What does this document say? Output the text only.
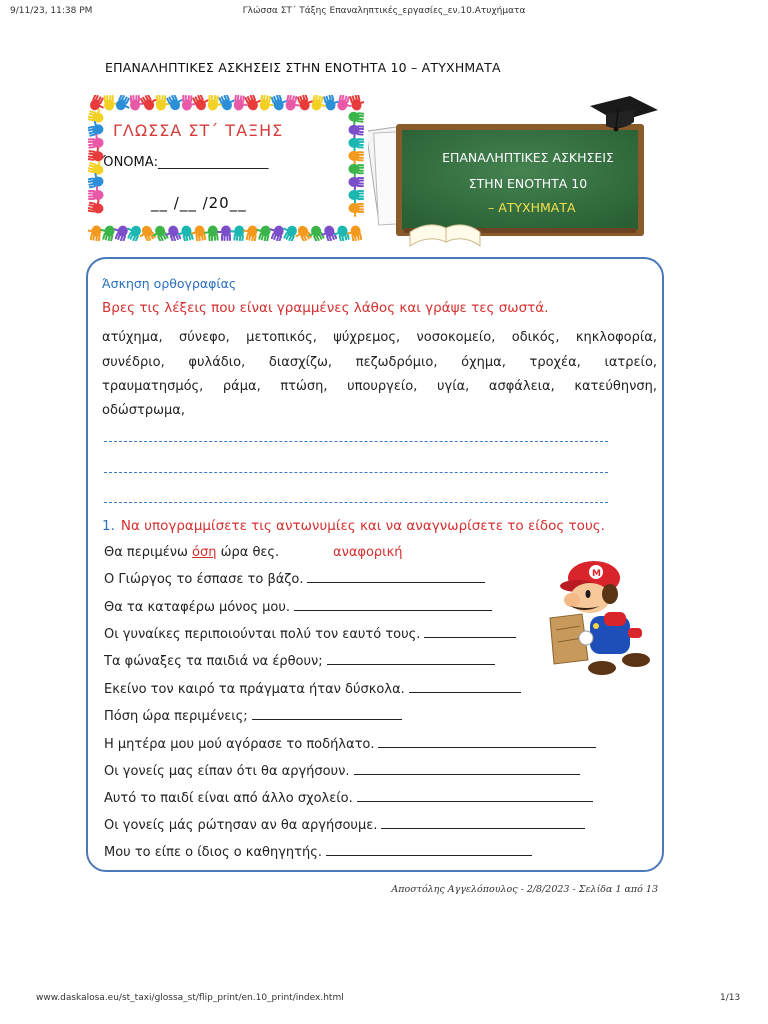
9/11/23, 11:38 PM	Γλώσσα ΣΤ΄ Τάξης Επαναληπτικές_εργασίες_εν.10.Ατυχήματα
ΕΠΑΝΑΛΗΠΤΙΚΕΣ ΑΣΚΗΣΕΙΣ ΣΤΗΝ ΕΝΟΤΗΤΑ 10 – ΑΤΥΧΗΜΑΤΑ
ΓΛΩΣΣΑ ΣΤ΄ ΤΑΞΗΣ
ΌΝΟΜΑ:_________________
__ /__ /20__
ΕΠΑΝΑΛΗΠΤΙΚΕΣ ΑΣΚΗΣΕΙΣ
ΣΤΗΝ ΕΝΟΤΗΤΑ 10
– ΑΤΥΧΗΜΑΤΑ
Άσκηση ορθογραφίας
Βρες τις λέξεις που είναι γραμμένες λάθος και γράψε τες σωστά.
ατύχημα, σύνεφο, μετοπικός, ψύχρεμος, νοσοκομείο, οδικός, κηκλοφορία,
συνέδριο, φυλάδιο, διασχίζω, πεζωδρόμιο, όχημα, τροχέα, ιατρείο,
τραυματησμός, ράμα, πτώση, υπουργείο, υγία, ασφάλεια, κατεύθηνση,
οδώστρωμα,
1. Να υπογραμμίσετε τις αντωνυμίες και να αναγνωρίσετε το είδος τους.
Θα περιμένω όση ώρα θες.	αναφορική
Ο Γιώργος το έσπασε το βάζο.
Θα τα καταφέρω μόνος μου.
Οι γυναίκες περιποιούνται πολύ τον εαυτό τους.
Τα φώναξες τα παιδιά να έρθουν;
Εκείνο τον καιρό τα πράγματα ήταν δύσκολα.
Πόση ώρα περιμένεις;
Η μητέρα μου μού αγόρασε το ποδήλατο.
Οι γονείς μας είπαν ότι θα αργήσουν.
Αυτό το παιδί είναι από άλλο σχολείο.
Οι γονείς μάς ρώτησαν αν θα αργήσουμε.
Μου το είπε ο ίδιος ο καθηγητής.
M
Αποστόλης Αγγελόπουλος - 2/8/2023 - Σελίδα 1 από 13
www.daskalosa.eu/st_taxi/glossa_st/flip_print/en.10_print/index.html	1/13
